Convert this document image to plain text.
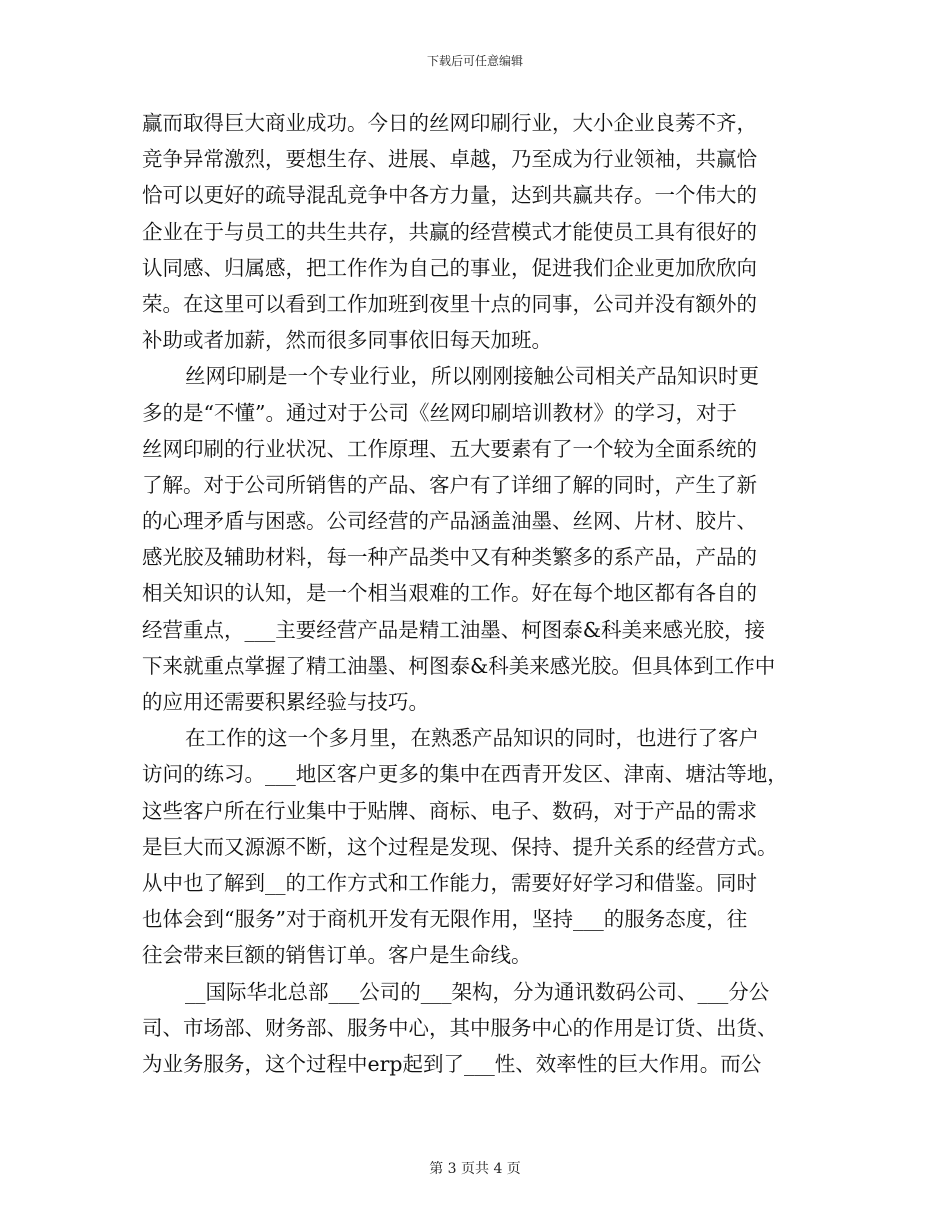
下载后可任意编辑
赢而取得巨大商业成功。今日的丝网印刷行业，大小企业良莠不齐，
竞争异常激烈，要想生存、进展、卓越，乃至成为行业领袖，共赢恰
恰可以更好的疏导混乱竞争中各方力量，达到共赢共存。一个伟大的
企业在于与员工的共生共存，共赢的经营模式才能使员工具有很好的
认同感、归属感，把工作作为自己的事业，促进我们企业更加欣欣向
荣。在这里可以看到工作加班到夜里十点的同事，公司并没有额外的
补助或者加薪，然而很多同事依旧每天加班。
丝网印刷是一个专业行业，所以刚刚接触公司相关产品知识时更
多的是“不懂”。通过对于公司《丝网印刷培训教材》的学习，对于
丝网印刷的行业状况、工作原理、五大要素有了一个较为全面系统的
了解。对于公司所销售的产品、客户有了详细了解的同时，产生了新
的心理矛盾与困惑。公司经营的产品涵盖油墨、丝网、片材、胶片、
感光胶及辅助材料，每一种产品类中又有种类繁多的系产品，产品的
相关知识的认知，是一个相当艰难的工作。好在每个地区都有各自的
经营重点，___主要经营产品是精工油墨、柯图泰&科美来感光胶，接
下来就重点掌握了精工油墨、柯图泰&科美来感光胶。但具体到工作中
的应用还需要积累经验与技巧。
在工作的这一个多月里，在熟悉产品知识的同时，也进行了客户
访问的练习。___地区客户更多的集中在西青开发区、津南、塘沽等地，
这些客户所在行业集中于贴牌、商标、电子、数码，对于产品的需求
是巨大而又源源不断，这个过程是发现、保持、提升关系的经营方式。
从中也了解到__的工作方式和工作能力，需要好好学习和借鉴。同时
也体会到“服务”对于商机开发有无限作用，坚持___的服务态度，往
往会带来巨额的销售订单。客户是生命线。
__国际华北总部___公司的___架构，分为通讯数码公司、___分公
司、市场部、财务部、服务中心，其中服务中心的作用是订货、出货、
为业务服务，这个过程中erp起到了___性、效率性的巨大作用。而公
第 3 页共 4 页
